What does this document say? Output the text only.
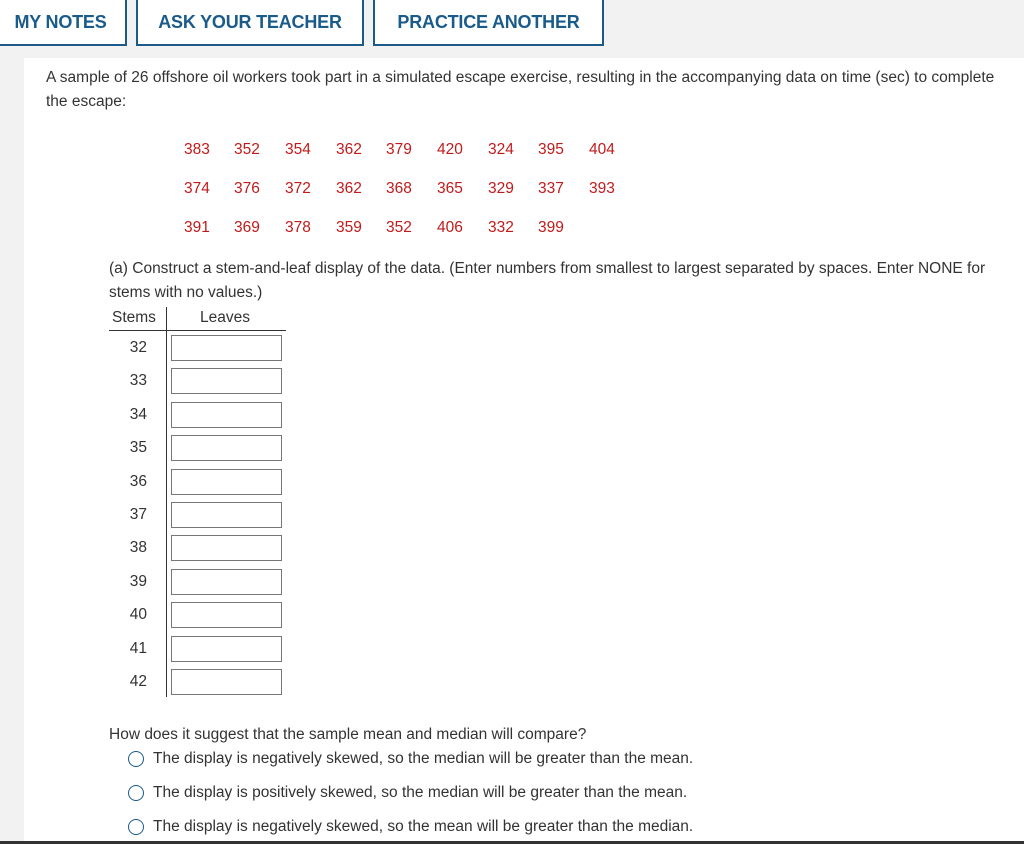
MY NOTES	ASK YOUR TEACHER	PRACTICE ANOTHER
A sample of 26 offshore oil workers took part in a simulated escape exercise, resulting in the accompanying data on time (sec) to complete the escape:
383 352 354 362 379 420 324 395 404
374 376 372 362 368 365 329 337 393
391 369 378 359 352 406 332 399
(a) Construct a stem-and-leaf display of the data. (Enter numbers from smallest to largest separated by spaces. Enter NONE for stems with no values.)
Stems	Leaves
32
33
34
35
36
37
38
39
40
41
42
How does it suggest that the sample mean and median will compare?
The display is negatively skewed, so the median will be greater than the mean.
The display is positively skewed, so the median will be greater than the mean.
The display is negatively skewed, so the mean will be greater than the median.
